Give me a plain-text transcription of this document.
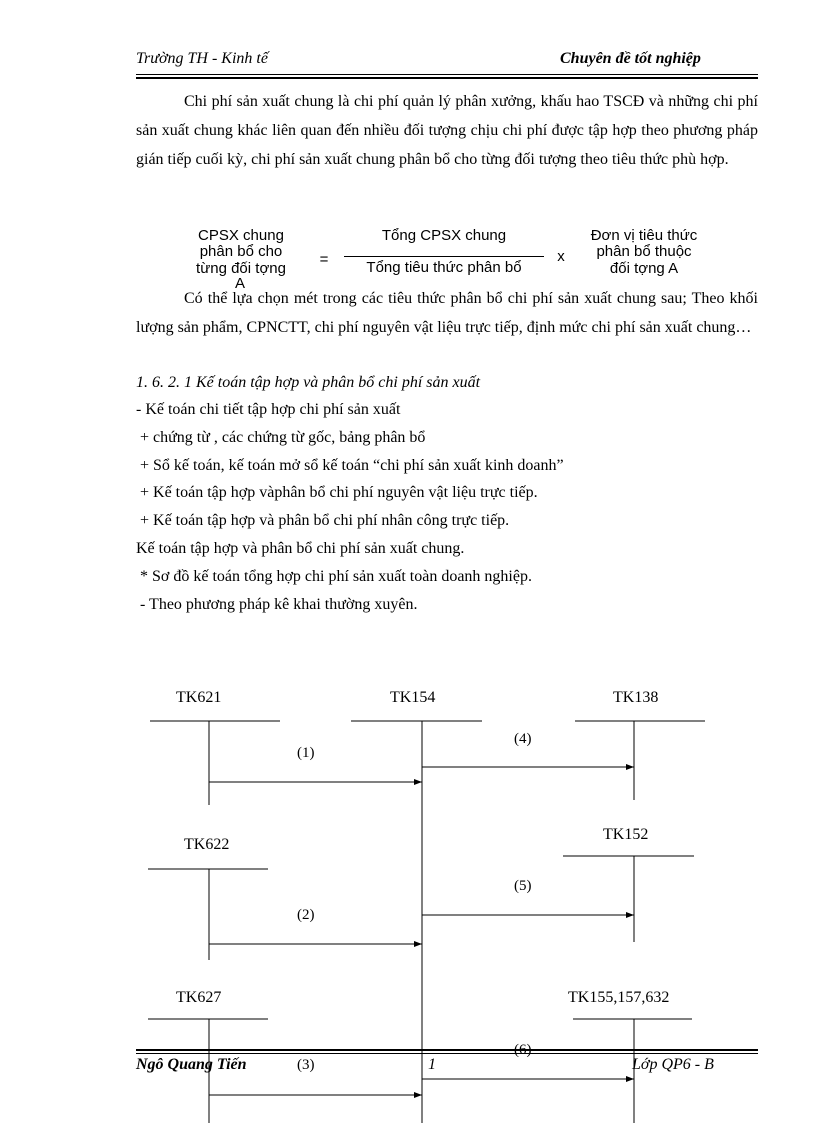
Trường TH - Kinh tế	Chuyên đề tốt nghiệp
Chi phí sản xuất chung là chi phí quản lý phân xưởng, khấu hao TSCĐ và những chi phí sản xuất chung khác liên quan đến nhiều đối tượng chịu chi phí được tập hợp theo phương pháp gián tiếp cuối kỳ, chi phí sản xuất chung phân bổ cho từng đối tượng theo tiêu thức phù hợp.
CPSX chung
phân bổ cho
từng đối tợng
A
=
Tổng CPSX chung
Tổng tiêu thức phân bổ
x
Đơn vị tiêu thức
phân bổ thuộc
đối tợng A
Có thể lựa chọn mét trong các tiêu thức phân bổ chi phí sản xuất chung sau; Theo khối lượng sản phẩm, CPNCTT, chi phí nguyên vật liệu trực tiếp, định mức chi phí sản xuất chung…
1. 6. 2. 1 Kế toán tập hợp và phân bổ chi phí sản xuất
- Kế toán chi tiết tập hợp chi phí sản xuất
+ chứng từ , các chứng từ gốc, bảng phân bổ
+ Sổ kế toán, kế toán mở sổ kế toán “chi phí sản xuất kinh doanh”
+ Kế toán tập hợp vàphân bổ chi phí nguyên vật liệu trực tiếp.
+ Kế toán tập hợp và phân bổ chi phí nhân công trực tiếp.
Kế toán tập hợp và phân bổ chi phí sản xuất chung.
* Sơ đồ kế toán tổng hợp chi phí sản xuất toàn doanh nghiệp.
- Theo phương pháp kê khai thường xuyên.
TK621	TK154	TK138
TK622
TK152
TK627	TK155,157,632
(1)
(2)
(3)
(4)
(5)
(6)
Ngô Quang Tiến	1	Lớp QP6 - B
